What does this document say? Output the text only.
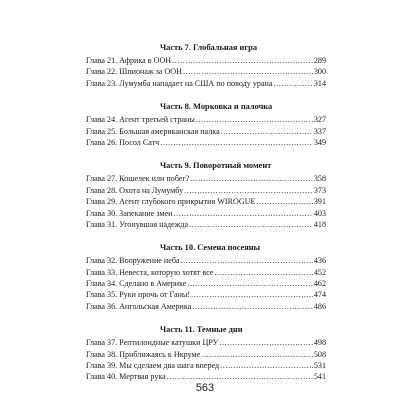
Часть 7. Глобальная игра
Глава 21. Африка в ООН .....	289
Глава 22. Шпионаж за ООН .....	300
Глава 23. Лумумба нападает на США по поводу урана .....	314
Часть 8. Морковка и палочка
Глава 24. Агент третьей страны .....	327
Глава 25. Большая американская палка .....	337
Глава 26. Посол Сатч .....	349
Часть 9. Поворотный момент
Глава 27. Кошелек или побег? .....	358
Глава 28. Охота на Лумумбу .....	373
Глава 29. Агент глубокого прикрытия WIROGUE .....	391
Глава 30. Запекание змеи .....	403
Глава 31. Угонувшая надежда .....	418
Часть 10. Семена посеяны
Глава 32. Вооружение неба .....	436
Глава 33. Невеста, которую хотят все .....	452
Глава 34. Сделано в Америке .....	462
Глава 35. Руки прочь от Ганы! .....	474
Глава 36. Ангольская Америка .....	486
Часть 11. Темные дни
Глава 37. Рептилоидные катушки ЦРУ .....	498
Глава 38. Приближаясь к Нкруме .....	508
Глава 39. Мы сделаем два шага вперед .....	531
Глава 40. Мертвая рука .....	541
563
